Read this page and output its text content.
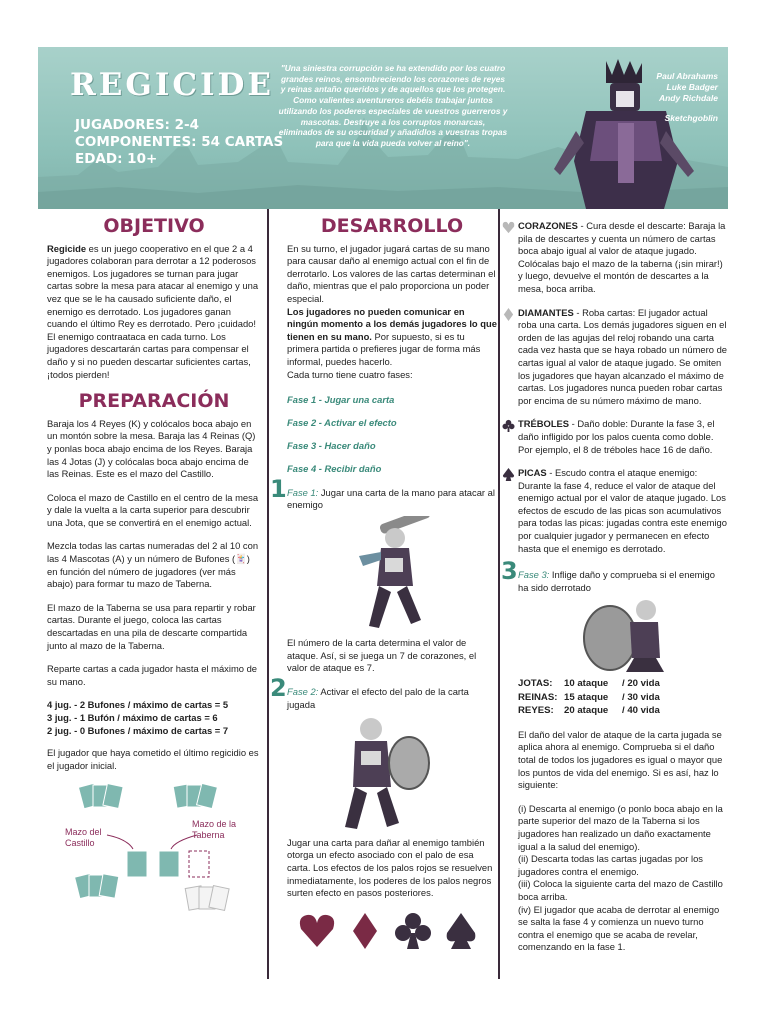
REGICIDE
JUGADORES: 2-4
COMPONENTES: 54 CARTAS
EDAD: 10+
"Una siniestra corrupción se ha extendido por los cuatro grandes reinos, ensombreciendo los corazones de reyes y reinas antaño queridos y de aquellos que los protegen. Como valientes aventureros debéis trabajar juntos utilizando los poderes especiales de vuestros guerreros y mascotas. Destruye a los corruptos monarcas, eliminados de su oscuridad y añadidlos a vuestras tropas para que la vida pueda volver al reino".
Paul Abrahams
Luke Badger
Andy Richdale
Sketchgoblin
OBJETIVO

Regicide es un juego cooperativo en el que 2 a 4 jugadores colaboran para derrotar a 12 poderosos enemigos. Los jugadores se turnan para jugar cartas sobre la mesa para atacar al enemigo y una vez que se le ha causado suficiente daño, el enemigo es derrotado. Los jugadores ganan cuando el último Rey es derrotado. Pero ¡cuidado! El enemigo contraataca en cada turno. Los jugadores descartarán cartas para compensar el daño y si no pueden descartar suficientes cartas, ¡todos pierden!

PREPARACIÓN

Baraja los 4 Reyes (K) y colócalos boca abajo en un montón sobre la mesa. Baraja las 4 Reinas (Q) y ponlas boca abajo encima de los Reyes. Baraja las 4 Jotas (J) y colócalas boca abajo encima de las Reinas. Este es el mazo del Castillo.

Coloca el mazo de Castillo en el centro de la mesa y dale la vuelta a la carta superior para descubrir una Jota, que se convertirá en el enemigo actual.

Mezcla todas las cartas numeradas del 2 al 10 con las 4 Mascotas (A) y un número de Bufones (🃏) en función del número de jugadores (ver más abajo) para formar tu mazo de Taberna.

El mazo de la Taberna se usa para repartir y robar cartas. Durante el juego, coloca las cartas descartadas en una pila de descarte compartida junto al mazo de la Taberna.

Reparte cartas a cada jugador hasta el máximo de su mano.

4 jug. - 2 Bufones / máximo de cartas = 5
3 jug. - 1 Bufón / máximo de cartas = 6
2 jug. - 0 Bufones / máximo de cartas = 7

El jugador que haya cometido el último regicidio es el jugador inicial.

Mazo del Castillo
Mazo de la Taberna
DESARROLLO

En su turno, el jugador jugará cartas de su mano para causar daño al enemigo actual con el fin de derrotarlo. Los valores de las cartas determinan el daño, mientras que el palo proporciona un poder especial.

Los jugadores no pueden comunicar en ningún momento a los demás jugadores lo que tienen en su mano. Por supuesto, si es tu primera partida o prefieres jugar de forma más informal, puedes hacerlo.

Cada turno tiene cuatro fases:

Fase 1 - Jugar una carta
Fase 2 - Activar el efecto
Fase 3 - Hacer daño
Fase 4 - Recibir daño
1 Fase 1: Jugar una carta de la mano para atacar al enemigo

El número de la carta determina el valor de ataque. Así, si se juega un 7 de corazones, el valor de ataque es 7.

2 Fase 2: Activar el efecto del palo de la carta jugada

Jugar una carta para dañar al enemigo también otorga un efecto asociado con el palo de esa carta. Los efectos de los palos rojos se resuelven inmediatamente, los poderes de los palos negros surten efecto en pasos posteriores.

CORAZONES - Cura desde el descarte: Baraja la pila de descartes y cuenta un número de cartas boca abajo igual al valor de ataque jugado. Colócalas bajo el mazo de la taberna (¡sin mirar!) y luego, devuelve el montón de descartes a la mesa, boca arriba.

DIAMANTES - Roba cartas: El jugador actual roba una carta. Los demás jugadores siguen en el orden de las agujas del reloj robando una carta cada vez hasta que se haya robado un número de cartas igual al valor de ataque jugado. Se omiten los jugadores que hayan alcanzado el máximo de cartas. Los jugadores nunca pueden robar cartas por encima de su número máximo de mano.

TRÉBOLES - Daño doble: Durante la fase 3, el daño infligido por los palos cuenta como doble. Por ejemplo, el 8 de tréboles hace 16 de daño.

PICAS - Escudo contra el ataque enemigo: Durante la fase 4, reduce el valor de ataque del enemigo actual por el valor de ataque jugado. Los efectos de escudo de las picas son acumulativos para todas las picas: jugadas contra este enemigo por cualquier jugador y permanecen en efecto hasta que el enemigo es derrotado.

3 Fase 3: Inflige daño y comprueba si el enemigo ha sido derrotado

JOTAS:	10 ataque	/ 20 vida
REINAS:	15 ataque	/ 30 vida
REYES:	20 ataque	/ 40 vida

El daño del valor de ataque de la carta jugada se aplica ahora al enemigo. Comprueba si el daño total de todos los jugadores es igual o mayor que los puntos de vida del enemigo. Si es así, haz lo siguiente:

(i) Descarta al enemigo (o ponlo boca abajo en la parte superior del mazo de la Taberna si los jugadores han realizado un daño exactamente igual a la salud del enemigo).
(ii) Descarta todas las cartas jugadas por los jugadores contra el enemigo.
(iii) Coloca la siguiente carta del mazo de Castillo boca arriba.
(iv) El jugador que acaba de derrotar al enemigo se salta la fase 4 y comienza un nuevo turno contra el enemigo que se acaba de revelar, comenzando en la fase 1.
